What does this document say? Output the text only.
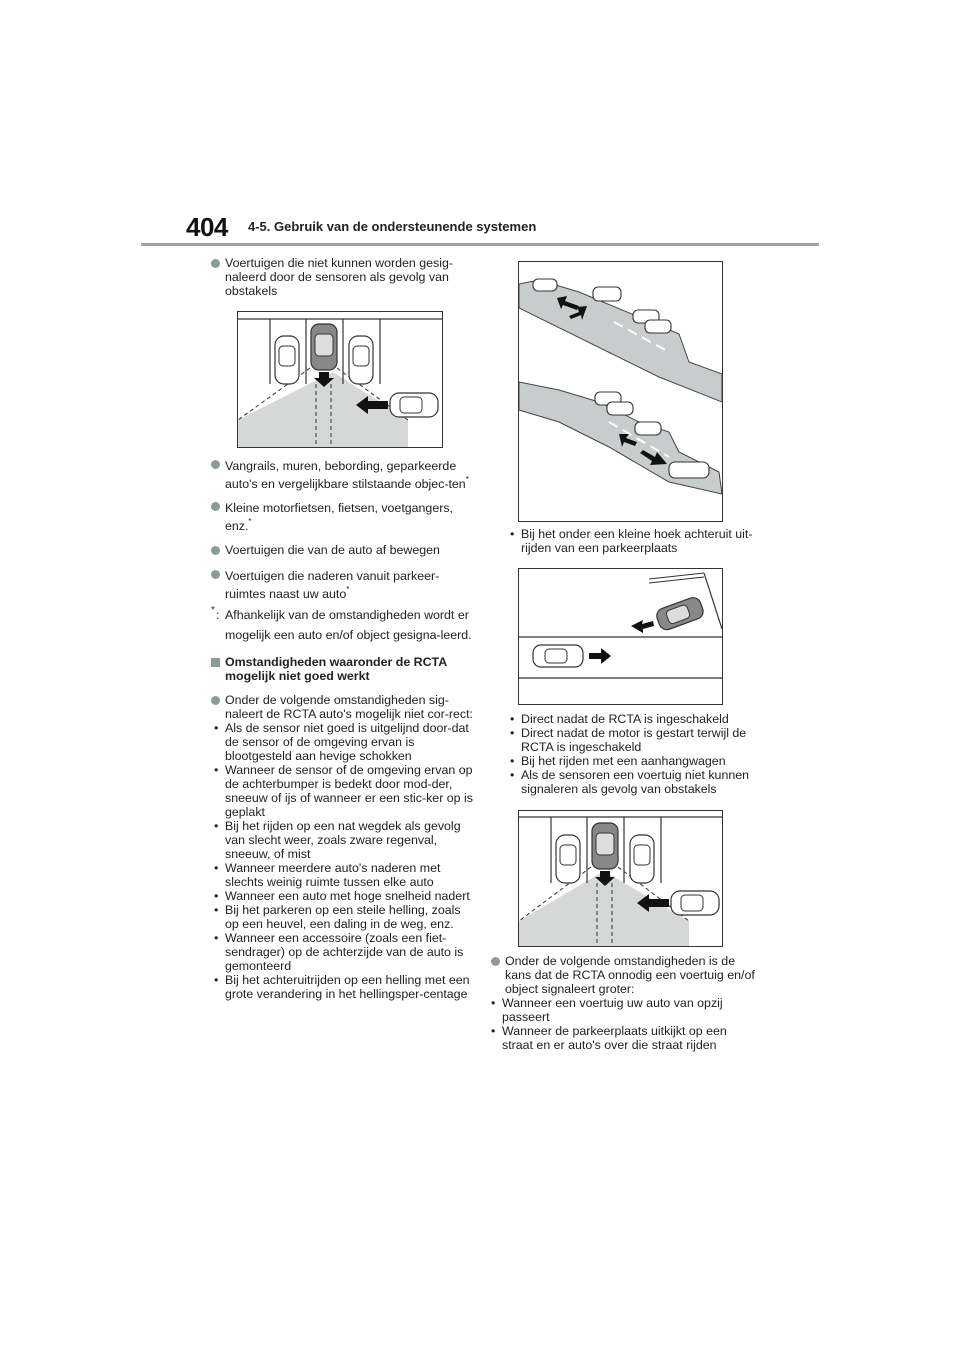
404 4-5. Gebruik van de ondersteunende systemen

Voertuigen die niet kunnen worden gesig-naleerd door de sensoren als gevolg van obstakels

Vangrails, muren, bebording, geparkeerde auto's en vergelijkbare stilstaande objec-ten*

Kleine motorfietsen, fietsen, voetgangers, enz.*

Voertuigen die van de auto af bewegen

Voertuigen die naderen vanuit parkeer-ruimtes naast uw auto*

* : Afhankelijk van de omstandigheden wordt er mogelijk een auto en/of object gesigna-leerd.

Omstandigheden waaronder de RCTA mogelijk niet goed werkt

Onder de volgende omstandigheden sig-naleert de RCTA auto's mogelijk niet cor-rect:

• Als de sensor niet goed is uitgelijnd door-dat de sensor of de omgeving ervan is blootgesteld aan hevige schokken

• Wanneer de sensor of de omgeving ervan op de achterbumper is bedekt door mod-der, sneeuw of ijs of wanneer er een stic-ker op is geplakt

• Bij het rijden op een nat wegdek als gevolg van slecht weer, zoals zware regenval, sneeuw, of mist

• Wanneer meerdere auto's naderen met slechts weinig ruimte tussen elke auto

• Wanneer een auto met hoge snelheid nadert

• Bij het parkeren op een steile helling, zoals op een heuvel, een daling in de weg, enz.

• Wanneer een accessoire (zoals een fiet-sendrager) op de achterzijde van de auto is gemonteerd

• Bij het achteruitrijden op een helling met een grote verandering in het hellingsper-centage

• Bij het onder een kleine hoek achteruit uit-rijden van een parkeerplaats

• Direct nadat de RCTA is ingeschakeld

• Direct nadat de motor is gestart terwijl de RCTA is ingeschakeld

• Bij het rijden met een aanhangwagen

• Als de sensoren een voertuig niet kunnen signaleren als gevolg van obstakels

Onder de volgende omstandigheden is de kans dat de RCTA onnodig een voertuig en/of object signaleert groter:

• Wanneer een voertuig uw auto van opzij passeert

• Wanneer de parkeerplaats uitkijkt op een straat en er auto's over die straat rijden
